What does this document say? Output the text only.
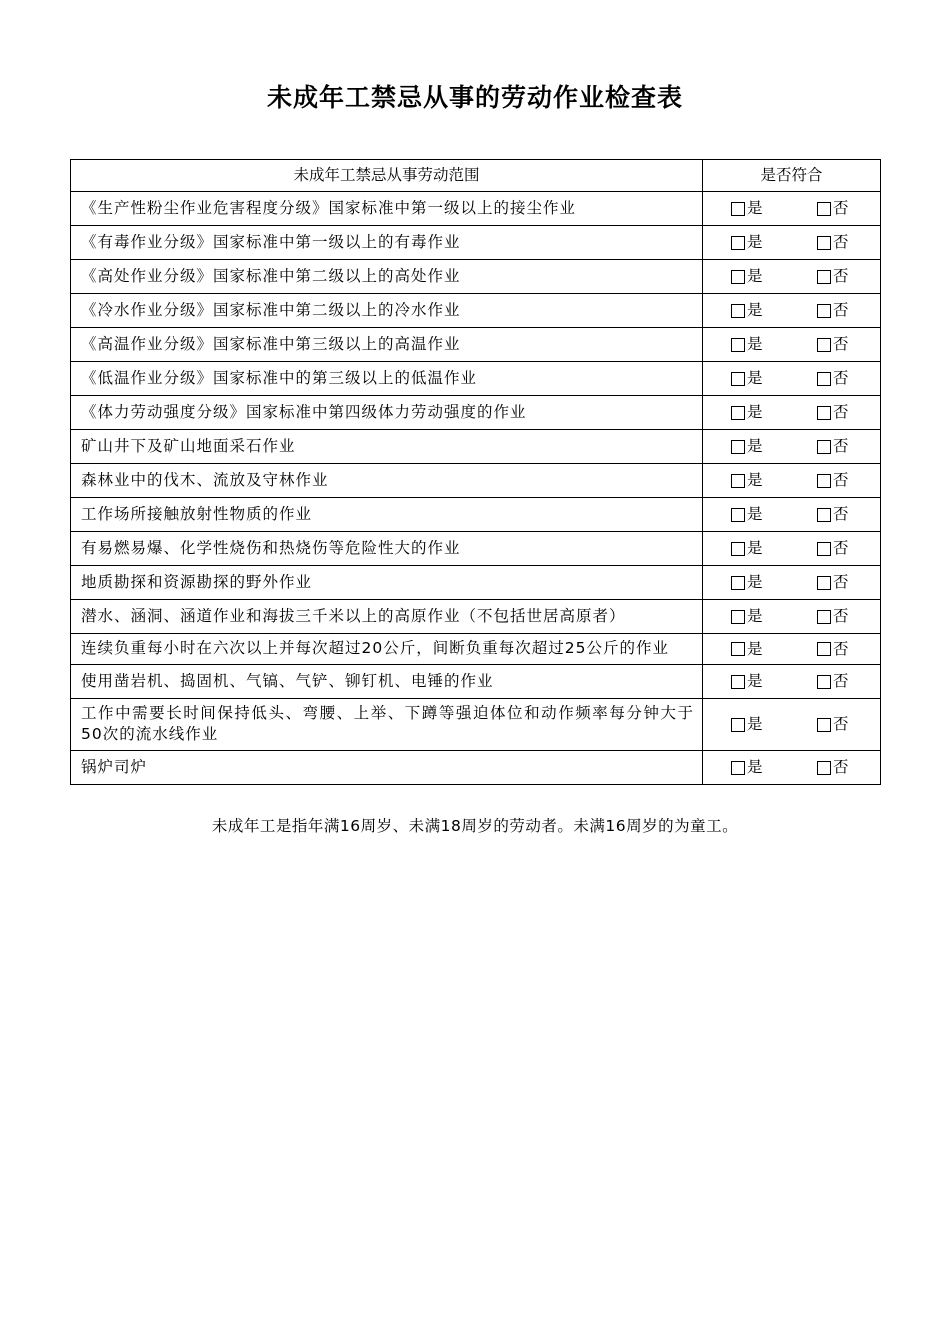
未成年工禁忌从事的劳动作业检查表
未成年工禁忌从事劳动范围	是否符合
《生产性粉尘作业危害程度分级》国家标准中第一级以上的接尘作业	是 否

《有毒作业分级》国家标准中第一级以上的有毒作业	是 否

《高处作业分级》国家标准中第二级以上的高处作业	是 否

《冷水作业分级》国家标准中第二级以上的冷水作业	是 否

《高温作业分级》国家标准中第三级以上的高温作业	是 否

《低温作业分级》国家标准中的第三级以上的低温作业	是 否

《体力劳动强度分级》国家标准中第四级体力劳动强度的作业	是 否

矿山井下及矿山地面采石作业	是 否

森林业中的伐木、流放及守林作业	是 否

工作场所接触放射性物质的作业	是 否

有易燃易爆、化学性烧伤和热烧伤等危险性大的作业	是 否

地质勘探和资源勘探的野外作业	是 否

潜水、涵洞、涵道作业和海拔三千米以上的高原作业（不包括世居高原者）	是 否

连续负重每小时在六次以上并每次超过20公斤，间断负重每次超过25公斤的作业	是 否

使用凿岩机、捣固机、气镐、气铲、铆钉机、电锤的作业	是 否

工作中需要长时间保持低头、弯腰、上举、下蹲等强迫体位和动作频率每分钟大于50次的流水线作业	是 否

锅炉司炉	是 否
未成年工是指年满16周岁、未满18周岁的劳动者。未满16周岁的为童工。
